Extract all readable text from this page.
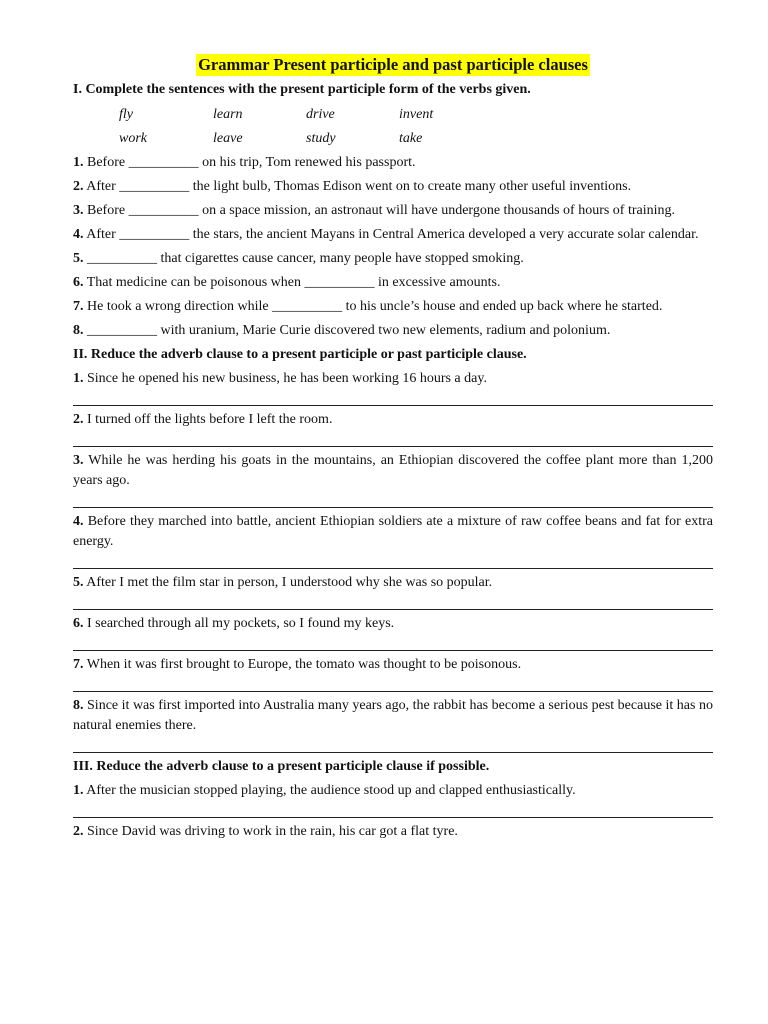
Grammar Present participle and past participle clauses
I. Complete the sentences with the present participle form of the verbs given.
fly	learn	drive	invent
work	leave	study	take
1. Before __________ on his trip, Tom renewed his passport.
2. After __________ the light bulb, Thomas Edison went on to create many other useful inventions.
3. Before __________ on a space mission, an astronaut will have undergone thousands of hours of training.
4. After __________ the stars, the ancient Mayans in Central America developed a very accurate solar calendar.
5. __________ that cigarettes cause cancer, many people have stopped smoking.
6. That medicine can be poisonous when __________ in excessive amounts.
7. He took a wrong direction while __________ to his uncle’s house and ended up back where he started.
8. __________ with uranium, Marie Curie discovered two new elements, radium and polonium.
II. Reduce the adverb clause to a present participle or past participle clause.
1. Since he opened his new business, he has been working 16 hours a day.
2. I turned off the lights before I left the room.
3. While he was herding his goats in the mountains, an Ethiopian discovered the coffee plant more than 1,200 years ago.
4. Before they marched into battle, ancient Ethiopian soldiers ate a mixture of raw coffee beans and fat for extra energy.
5. After I met the film star in person, I understood why she was so popular.
6. I searched through all my pockets, so I found my keys.
7. When it was first brought to Europe, the tomato was thought to be poisonous.
8. Since it was first imported into Australia many years ago, the rabbit has become a serious pest because it has no natural enemies there.
III. Reduce the adverb clause to a present participle clause if possible.
1. After the musician stopped playing, the audience stood up and clapped enthusiastically.
2. Since David was driving to work in the rain, his car got a flat tyre.
